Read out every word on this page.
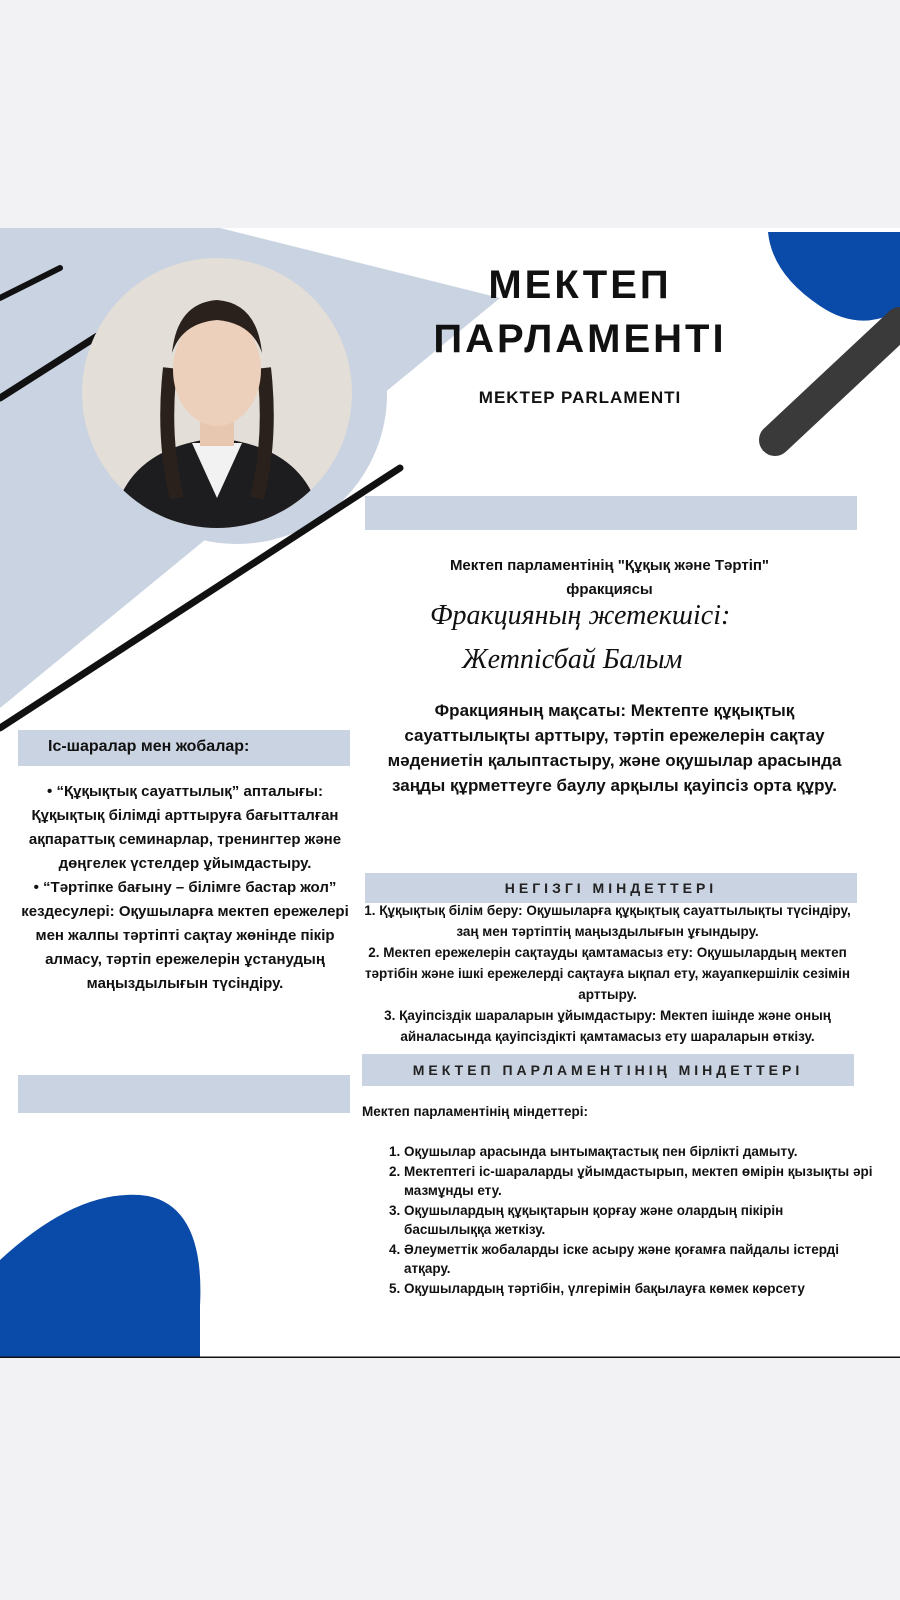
МЕКТЕП
ПАРЛАМЕНТІ
MEKTEP PARLAMENTI
Мектеп парламентінің "Құқық және Тәртіп"
фракциясы
Фракцияның жетекшісі:
Жетпісбай Балым
Фракцияның мақсаты: Мектепте құқықтық сауаттылықты арттыру, тәртіп ережелерін сақтау мәдениетін қалыптастыру, және оқушылар арасында заңды құрметтеуге баулу арқылы қауіпсіз орта құру.
Іс-шаралар мен жобалар:
• “Құқықтық сауаттылық” апталығы: Құқықтық білімді арттыруға бағытталған ақпараттық семинарлар, тренингтер және дөңгелек үстелдер ұйымдастыру.
• “Тәртіпке бағыну – білімге бастар жол” кездесулері: Оқушыларға мектеп ережелері мен жалпы тәртіпті сақтау жөнінде пікір алмасу, тәртіп ережелерін ұстанудың маңыздылығын түсіндіру.
НЕГІЗГІ МІНДЕТТЕРІ
1. Құқықтық білім беру: Оқушыларға құқықтық сауаттылықты түсіндіру, заң мен тәртіптің маңыздылығын ұғындыру.
2. Мектеп ережелерін сақтауды қамтамасыз ету: Оқушылардың мектеп тәртібін және ішкі ережелерді сақтауға ықпал ету, жауапкершілік сезімін арттыру.
3. Қауіпсіздік шараларын ұйымдастыру: Мектеп ішінде және оның айналасында қауіпсіздікті қамтамасыз ету шараларын өткізу.
МЕКТЕП ПАРЛАМЕНТІНІҢ МІНДЕТТЕРІ
Мектеп парламентінің міндеттері:
1. Оқушылар арасында ынтымақтастық пен бірлікті дамыту.
2. Мектептегі іс-шараларды ұйымдастырып, мектеп өмірін қызықты әрі мазмұнды ету.
3. Оқушылардың құқықтарын қорғау және олардың пікірін басшылыққа жеткізу.
4. Әлеуметтік жобаларды іске асыру және қоғамға пайдалы істерді атқару.
5. Оқушылардың тәртібін, үлгерімін бақылауға көмек көрсету
